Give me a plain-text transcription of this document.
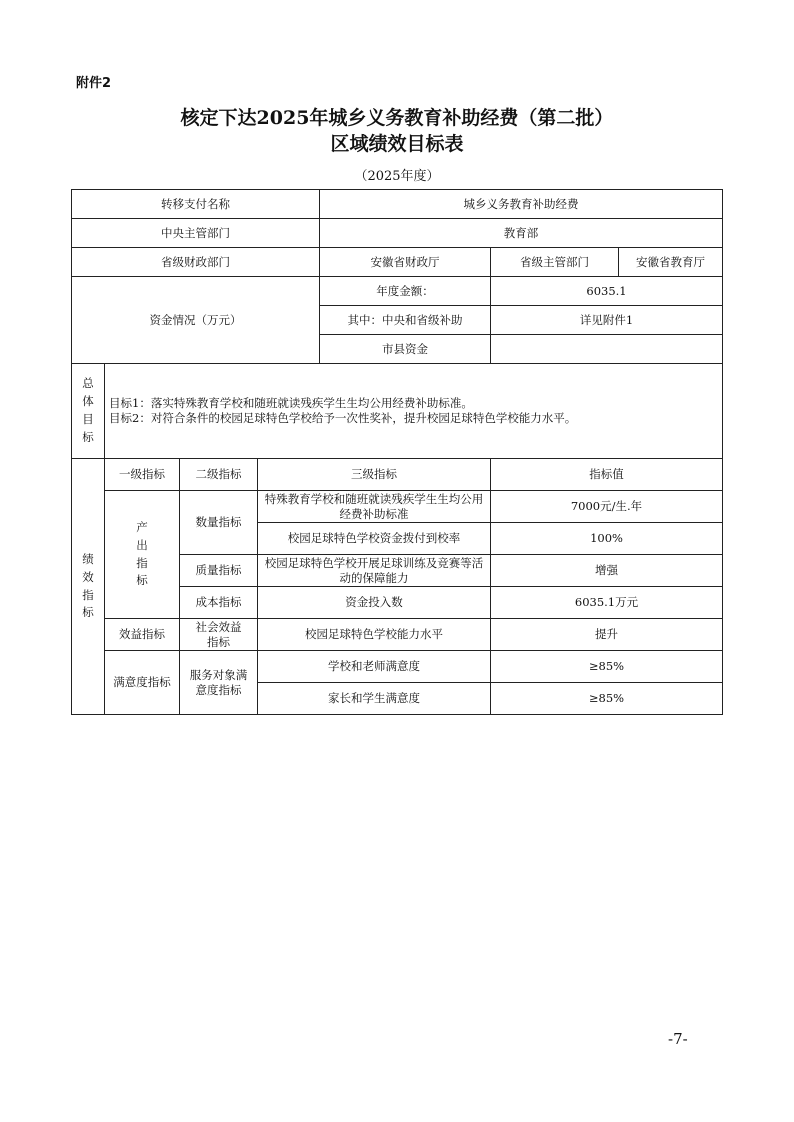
附件2
核定下达2025年城乡义务教育补助经费（第二批）
区域绩效目标表
（2025年度）
转移支付名称				城乡义务教育补助经费		
中央主管部门				教育部		
省级财政部门				安徽省财政厅	省级主管部门	安徽省教育厅
资金情况（万元）				年度金额：	6035.1	
				其中：中央和省级补助	详见附件1	
				市县资金		
总体目标	目标1：落实特殊教育学校和随班就读残疾学生生均公用经费补助标准。
目标2：对符合条件的校园足球特色学校给予一次性奖补，提升校园足球特色学校能力水平。					

绩效指标	一级指标	二级指标	三级指标		指标值	
	产出指标	数量指标	特殊教育学校和随班就读残疾学生生均公用经费补助标准		7000元/生.年	
			校园足球特色学校资金拨付到校率		100%	
		质量指标	校园足球特色学校开展足球训练及竞赛等活动的保障能力		增强	
		成本指标	资金投入数		6035.1万元	
	效益指标	社会效益指标	校园足球特色学校能力水平		提升	
	满意度指标	服务对象满意度指标	学校和老师满意度		≥85%	
			家长和学生满意度		≥85%	
-7-
